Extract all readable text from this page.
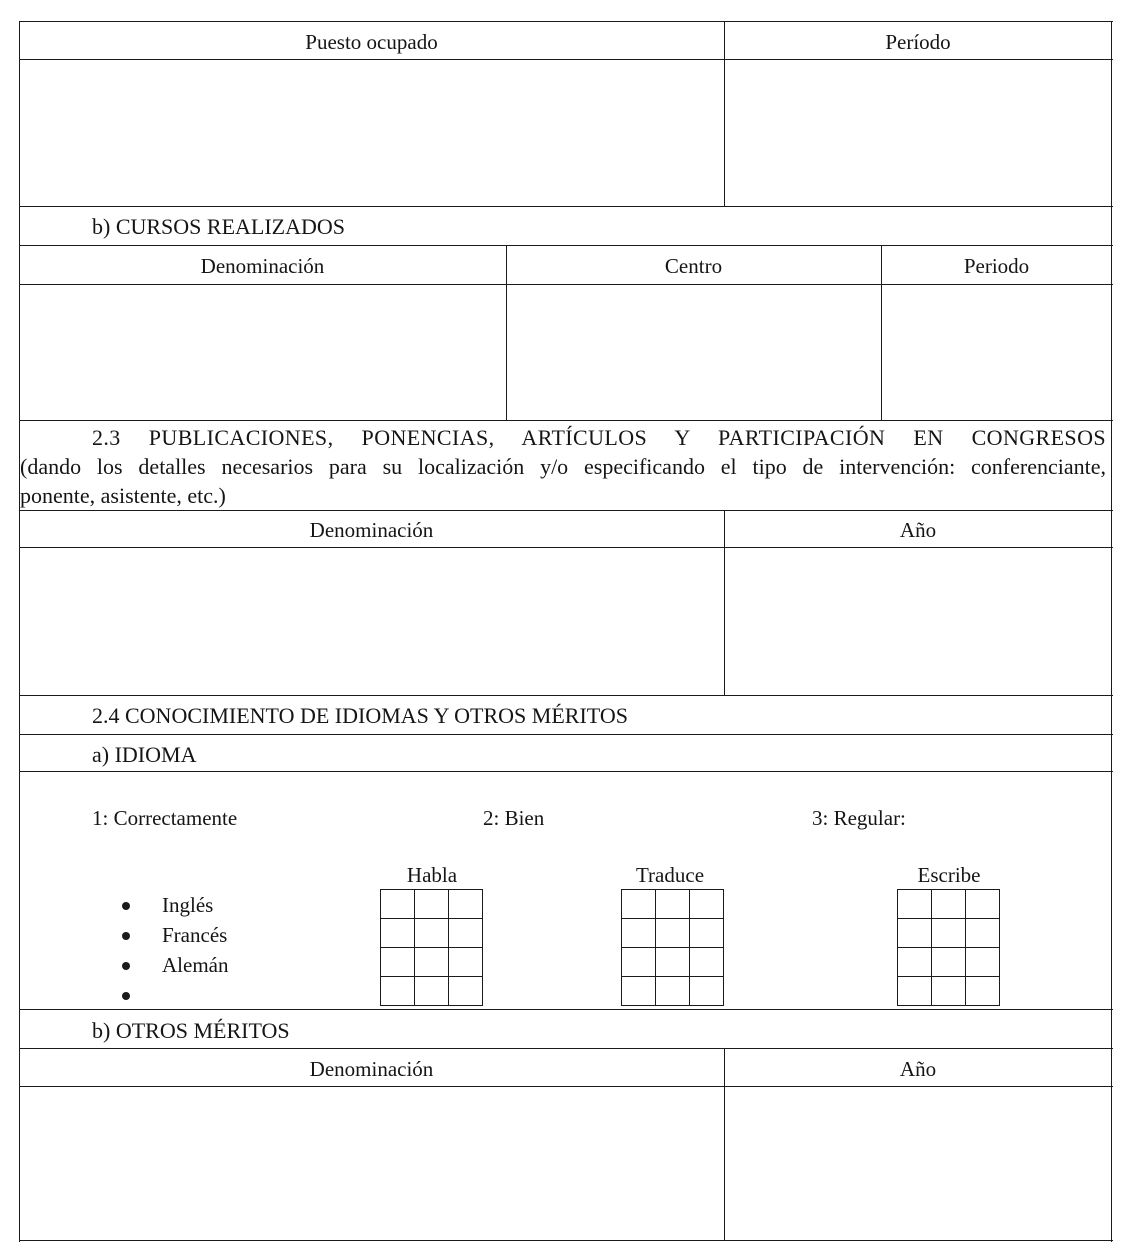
Puesto ocupado	Período
b) CURSOS REALIZADOS
Denominación	Centro	Periodo
2.3 PUBLICACIONES, PONENCIAS, ARTÍCULOS Y PARTICIPACIÓN EN CONGRESOS
(dando los detalles necesarios para su localización y/o especificando el tipo de intervención: conferenciante,
ponente, asistente, etc.)
Denominación	Año
2.4 CONOCIMIENTO DE IDIOMAS Y OTROS MÉRITOS
a) IDIOMA
1: Correctamente	2: Bien	3: Regular:
Habla	Traduce	Escribe
Inglés
Francés
Alemán

b) OTROS MÉRITOS
Denominación	Año
